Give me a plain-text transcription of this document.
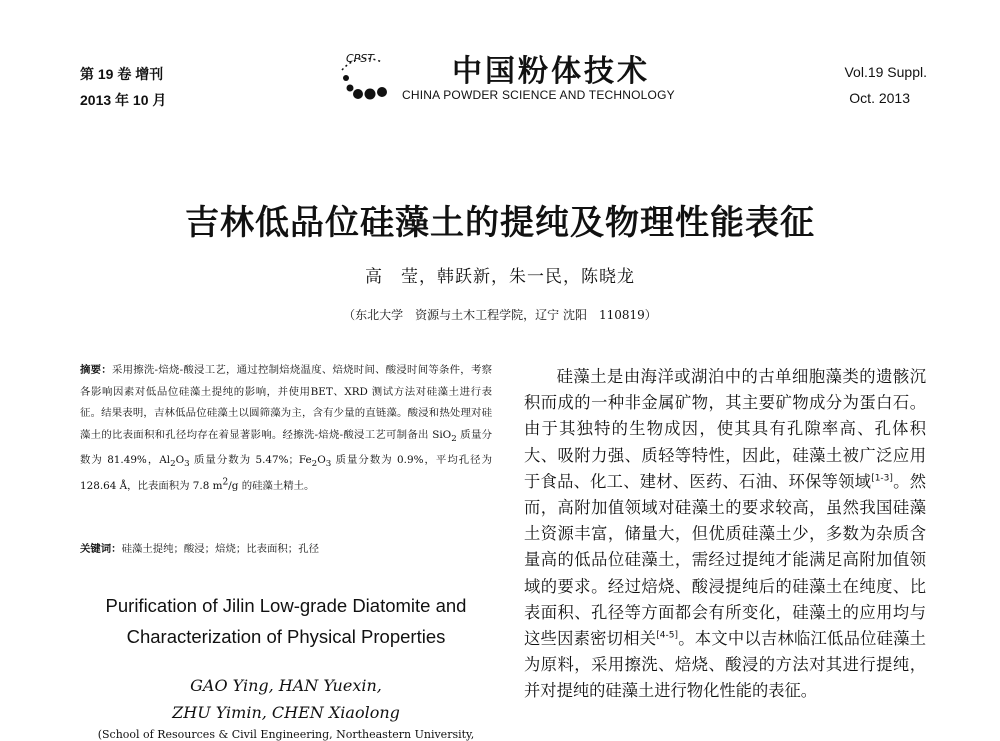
第 19 卷 增刊
2013 年 10 月
CPST	中国粉体技术
CHINA POWDER SCIENCE AND TECHNOLOGY
Vol.19 Suppl.
Oct. 2013
吉林低品位硅藻土的提纯及物理性能表征
高　莹，韩跃新，朱一民，陈晓龙
（东北大学　资源与土木工程学院，辽宁 沈阳　110819）
摘要：采用擦洗-焙烧-酸浸工艺，通过控制焙烧温度、焙烧时间、酸浸时间等条件，考察各影响因素对低品位硅藻土提纯的影响，并使用BET、XRD 测试方法对硅藻土进行表征。结果表明，吉林低品位硅藻土以圆筛藻为主，含有少量的直链藻。酸浸和热处理对硅藻土的比表面积和孔径均存在着显著影响。经擦洗-焙烧-酸浸工艺可制备出 SiO$_2$ 质量分数为 81.49%，$Al_2O_3$ 质量分数为 5.47%；$Fe_2O_3$ 质量分数为 0.9%，平均孔径为 128.64 Å，比表面积为 7.8 $m^2/g$ 的硅藻土精土。
关键词：硅藻土提纯；酸浸；焙烧；比表面积；孔径
Purification of Jilin Low-grade Diatomite and Characterization of Physical Properties
GAO Ying, HAN Yuexin,
ZHU Yimin, CHEN Xiaolong
(School of Resources & Civil Engineering, Northeastern University,
硅藻土是由海洋或湖泊中的古单细胞藻类的遗骸沉积而成的一种非金属矿物，其主要矿物成分为蛋白石。由于其独特的生物成因，使其具有孔隙率高、孔体积大、吸附力强、质轻等特性，因此，硅藻土被广泛应用于食品、化工、建材、医药、石油、环保等领域[1-3]。然而，高附加值领域对硅藻土的要求较高，虽然我国硅藻土资源丰富，储量大，但优质硅藻土少，多数为杂质含量高的低品位硅藻土，需经过提纯才能满足高附加值领域的要求。经过焙烧、酸浸提纯后的硅藻土在纯度、比表面积、孔径等方面都会有所变化，硅藻土的应用均与这些因素密切相关[4-5]。本文中以吉林临江低品位硅藻土为原料，采用擦洗、焙烧、酸浸的方法对其进行提纯，并对提纯的硅藻土进行物化性能的表征。
